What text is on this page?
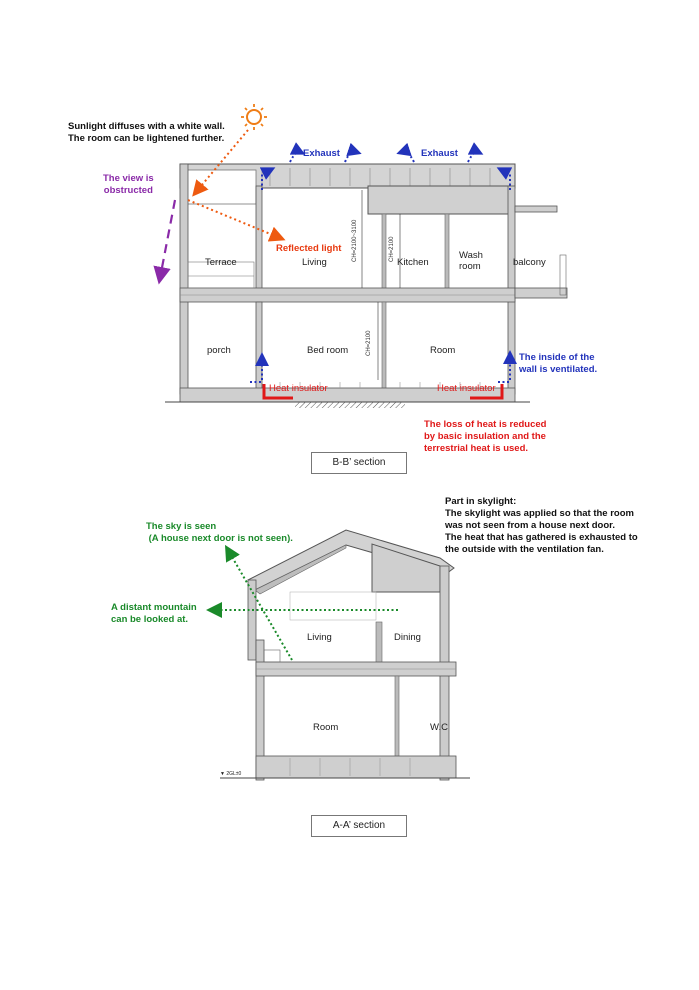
Sunlight diffuses with a white wall.
The room can be lightened further.
The view is
obstructed
Exhaust	Exhaust
Reflected light
Terrace	Living	Kitchen
Wash
room	balcony
porch	Bed room	Room
CH=2100~3100	CH=2100
CH=2100
The inside of the
wall is ventilated.
Heat insulator	Heat insulator
The loss of heat is reduced
by basic insulation and the
terrestrial heat is used.
B-B’ section
Part in skylight:
The skylight was applied so that the room
was not seen from a house next door.
The heat that has gathered is exhausted to
the outside with the ventilation fan.
The sky is seen
(A house next door is not seen).
A distant mountain
can be looked at.
Living	Dining
Room	W.C
▼ 2GL±0
A-A’ section
